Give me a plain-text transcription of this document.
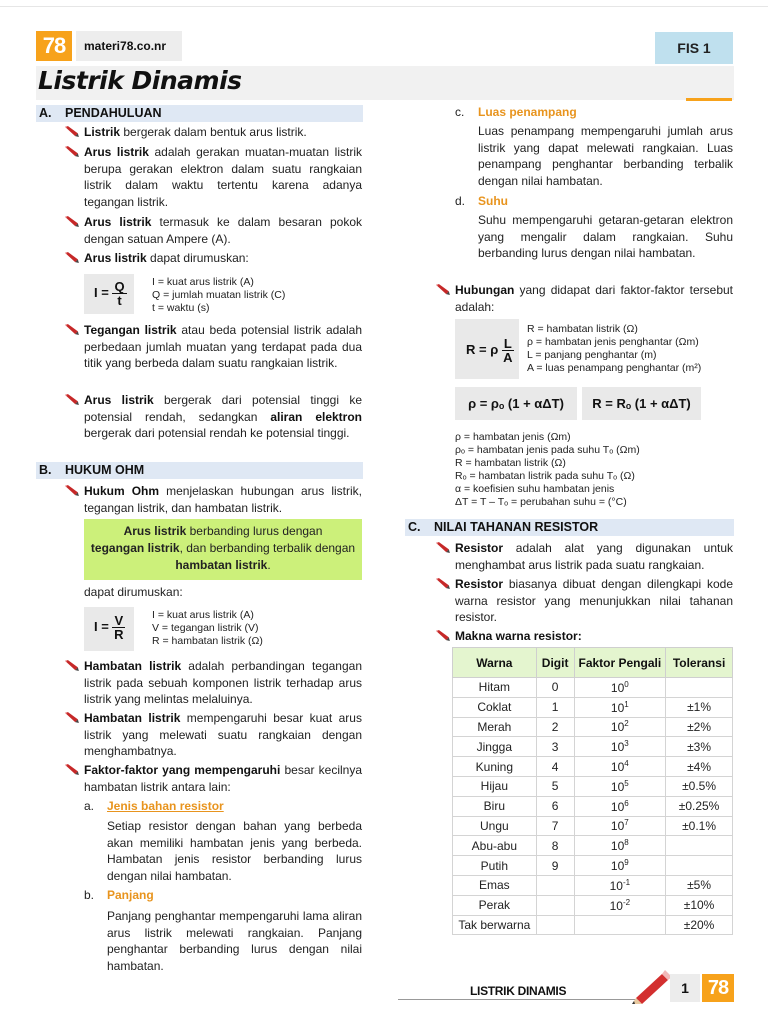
78	materi78.co.nr	FIS 1
Listrik Dinamis
A. PENDAHULUAN
Listrik bergerak dalam bentuk arus listrik.
Arus listrik adalah gerakan muatan-muatan listrik berupa gerakan elektron dalam suatu rangkaian listrik dalam waktu tertentu karena adanya tegangan listrik.
Arus listrik termasuk ke dalam besaran pokok dengan satuan Ampere (A).
Arus listrik dapat dirumuskan:
$I = \frac{Q}{t}$ I = kuat arus listrik (A)
Q = jumlah muatan listrik (C)
t = waktu (s)
Tegangan listrik atau beda potensial listrik adalah perbedaan jumlah muatan yang terdapat pada dua titik yang berbeda dalam suatu rangkaian listrik.
Arus listrik bergerak dari potensial tinggi ke potensial rendah, sedangkan aliran elektron bergerak dari potensial rendah ke potensial tinggi.
B. HUKUM OHM
Hukum Ohm menjelaskan hubungan arus listrik, tegangan listrik, dan hambatan listrik.
Arus listrik berbanding lurus dengan
tegangan listrik, dan berbanding terbalik dengan
hambatan listrik.
dapat dirumuskan:
$I = \frac{V}{R}$	I = kuat arus listrik (A)
V = tegangan listrik (V)
R = hambatan listrik (Ω)
Hambatan listrik adalah perbandingan tegangan listrik pada sebuah komponen listrik terhadap arus listrik yang melintas melaluinya.
Hambatan listrik mempengaruhi besar kuat arus listrik yang melewati suatu rangkaian dengan menghambatnya.
Faktor-faktor yang mempengaruhi besar kecilnya hambatan listrik antara lain:
a. Jenis bahan resistor
Setiap resistor dengan bahan yang berbeda akan memiliki hambatan jenis yang berbeda. Hambatan jenis resistor berbanding lurus dengan nilai hambatan.
b. Panjang
Panjang penghantar mempengaruhi lama aliran arus listrik melewati rangkaian. Panjang penghantar berbanding lurus dengan nilai hambatan.
c. Luas penampang
Luas penampang mempengaruhi jumlah arus listrik yang dapat melewati rangkaian. Luas penampang penghantar berbanding terbalik dengan nilai hambatan.
d. Suhu
Suhu mempengaruhi getaran-getaran elektron yang mengalir dalam rangkaian. Suhu berbanding lurus dengan nilai hambatan.
Hubungan yang didapat dari faktor-faktor tersebut adalah:
R = ρ $\frac{L}{A}$
R = hambatan listrik (Ω)
ρ = hambatan jenis penghantar (Ωm)
L = panjang penghantar (m)
A = luas penampang penghantar (m²)
ρ = ρₒ (1 + αΔT)	R = Rₒ (1 + αΔT)
ρ = hambatan jenis (Ωm)
ρₒ = hambatan jenis pada suhu Tₒ (Ωm)
R = hambatan listrik (Ω)
Rₒ = hambatan listrik pada suhu Tₒ (Ω)
α = koefisien suhu hambatan jenis
ΔT = T – Tₒ = perubahan suhu = (°C)
C. NILAI TAHANAN RESISTOR
Resistor adalah alat yang digunakan untuk menghambat arus listrik pada suatu rangkaian.
Resistor biasanya dibuat dengan dilengkapi kode warna resistor yang menunjukkan nilai tahanan resistor.
Makna warna resistor:
Warna	Digit	Faktor Pengali	Toleransi
Hitam	0	$10^0$	
Coklat	1	$10^1$	±1%
Merah	2	$10^2$	±2%
Jingga	3	$10^3$	±3%
Kuning	4	$10^4$	±4%
Hijau	5	$10^5$	±0.5%
Biru	6	$10^6$	±0.25%
Ungu	7	$10^7$	±0.1%
Abu-abu	8	$10^8$	
Putih	9	$10^9$	
Emas		$10^{-1}$	±5%
Perak		$10^{-2}$	±10%
Tak berwarna			±20%
LISTRIK DINAMIS	1 78
